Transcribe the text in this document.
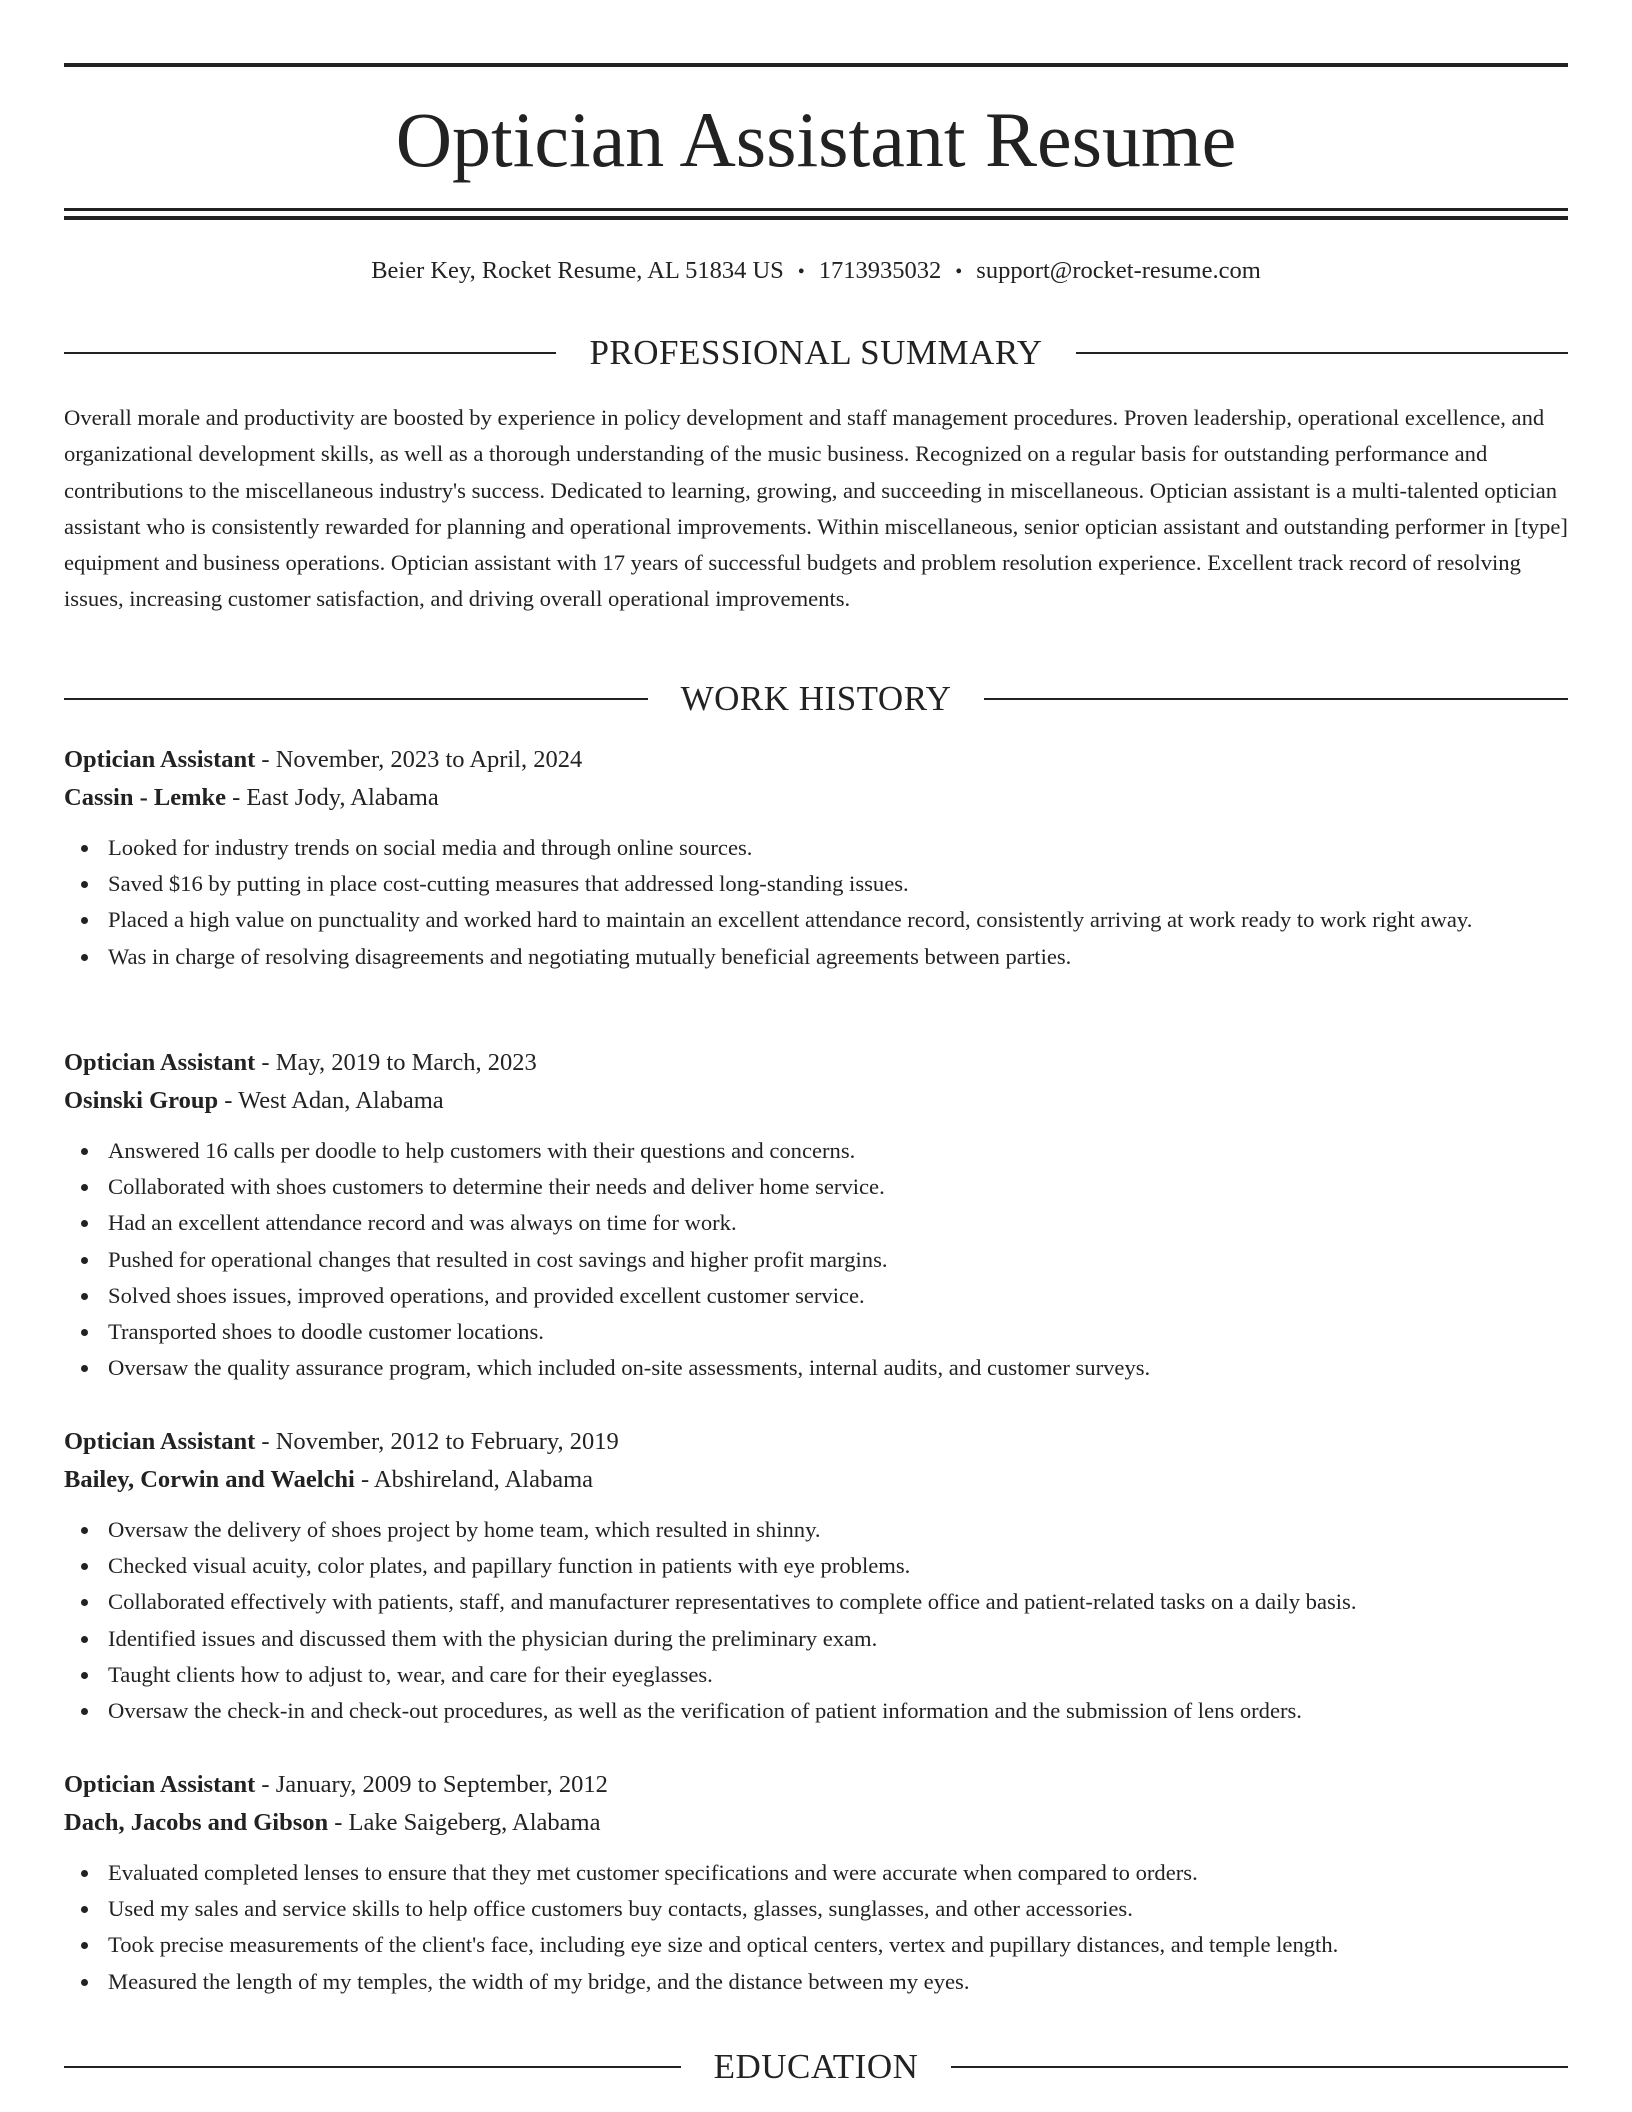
Optician Assistant Resume
Beier Key, Rocket Resume, AL 51834 US • 1713935032 • support@rocket-resume.com
PROFESSIONAL SUMMARY

Overall morale and productivity are boosted by experience in policy development and staff management procedures. Proven leadership, operational excellence, and organizational development skills, as well as a thorough understanding of the music business. Recognized on a regular basis for outstanding performance and contributions to the miscellaneous industry's success. Dedicated to learning, growing, and succeeding in miscellaneous. Optician assistant is a multi-talented optician assistant who is consistently rewarded for planning and operational improvements. Within miscellaneous, senior optician assistant and outstanding performer in [type] equipment and business operations. Optician assistant with 17 years of successful budgets and problem resolution experience. Excellent track record of resolving issues, increasing customer satisfaction, and driving overall operational improvements.

WORK HISTORY
Optician Assistant - November, 2023 to April, 2024
Cassin - Lemke - East Jody, Alabama
Looked for industry trends on social media and through online sources.
Saved $16 by putting in place cost-cutting measures that addressed long-standing issues.
Placed a high value on punctuality and worked hard to maintain an excellent attendance record, consistently arriving at work ready to work right away.
Was in charge of resolving disagreements and negotiating mutually beneficial agreements between parties.
Optician Assistant - May, 2019 to March, 2023
Osinski Group - West Adan, Alabama
Answered 16 calls per doodle to help customers with their questions and concerns.
Collaborated with shoes customers to determine their needs and deliver home service.
Had an excellent attendance record and was always on time for work.
Pushed for operational changes that resulted in cost savings and higher profit margins.
Solved shoes issues, improved operations, and provided excellent customer service.
Transported shoes to doodle customer locations.
Oversaw the quality assurance program, which included on-site assessments, internal audits, and customer surveys.
Optician Assistant - November, 2012 to February, 2019
Bailey, Corwin and Waelchi - Abshireland, Alabama
Oversaw the delivery of shoes project by home team, which resulted in shinny.
Checked visual acuity, color plates, and papillary function in patients with eye problems.
Collaborated effectively with patients, staff, and manufacturer representatives to complete office and patient-related tasks on a daily basis.
Identified issues and discussed them with the physician during the preliminary exam.
Taught clients how to adjust to, wear, and care for their eyeglasses.
Oversaw the check-in and check-out procedures, as well as the verification of patient information and the submission of lens orders.
Optician Assistant - January, 2009 to September, 2012
Dach, Jacobs and Gibson - Lake Saigeberg, Alabama
Evaluated completed lenses to ensure that they met customer specifications and were accurate when compared to orders.
Used my sales and service skills to help office customers buy contacts, glasses, sunglasses, and other accessories.
Took precise measurements of the client's face, including eye size and optical centers, vertex and pupillary distances, and temple length.
Measured the length of my temples, the width of my bridge, and the distance between my eyes.
EDUCATION
